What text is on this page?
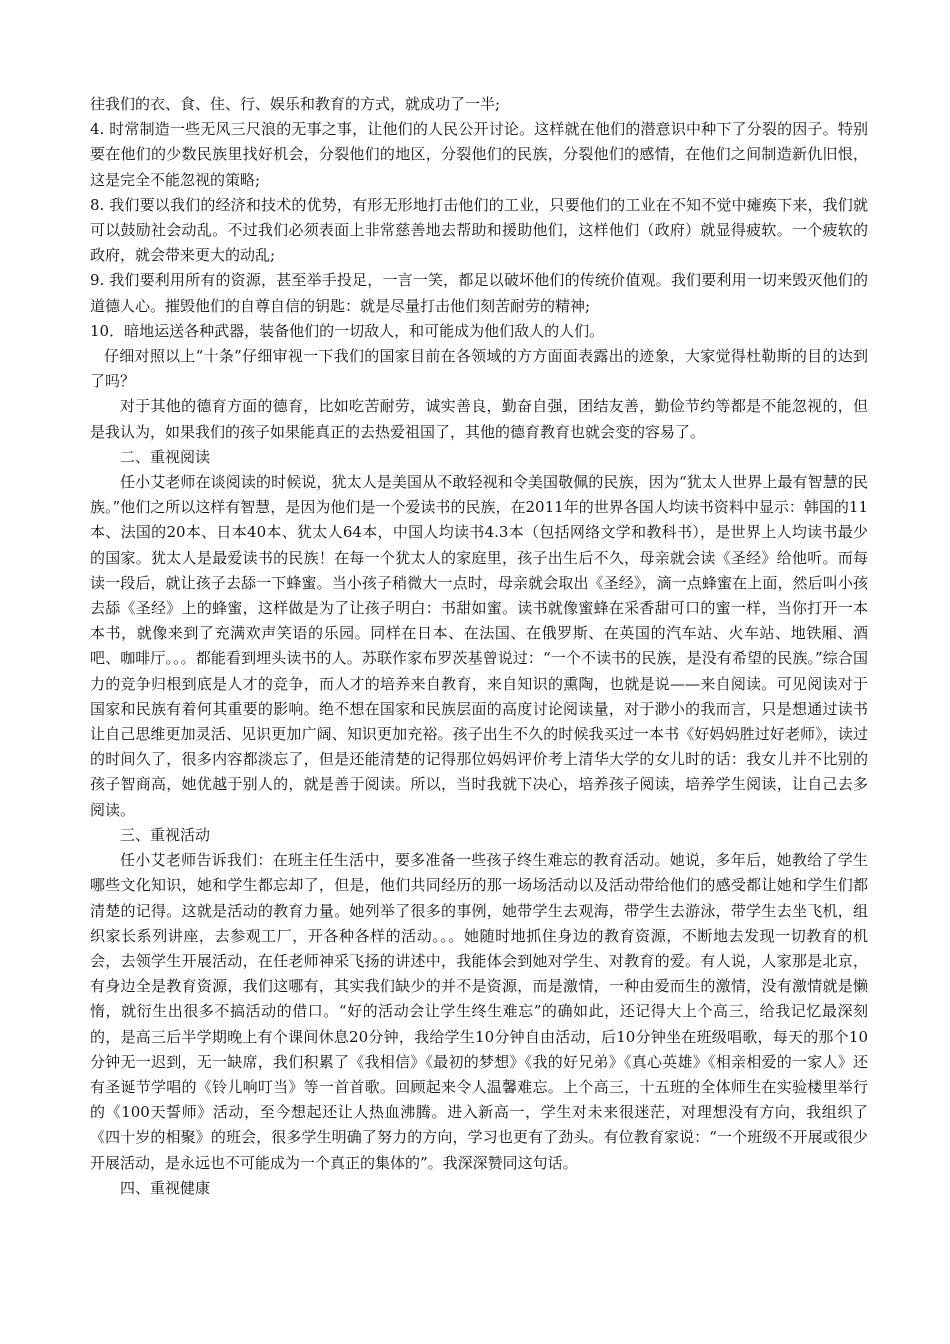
往我们的衣、食、住、行、娱乐和教育的方式，就成功了一半;

4. 时常制造一些无风三尺浪的无事之事，让他们的人民公开讨论。这样就在他们的潜意识中种下了分裂的因子。特别要在他们的少数民族里找好机会，分裂他们的地区，分裂他们的民族，分裂他们的感情，在他们之间制造新仇旧恨，这是完全不能忽视的策略;

8. 我们要以我们的经济和技术的优势，有形无形地打击他们的工业，只要他们的工业在不知不觉中瘫痪下来，我们就可以鼓励社会动乱。不过我们必须表面上非常慈善地去帮助和援助他们，这样他们（政府）就显得疲软。一个疲软的政府，就会带来更大的动乱;

9. 我们要利用所有的资源，甚至举手投足，一言一笑，都足以破坏他们的传统价值观。我们要利用一切来毁灭他们的道德人心。摧毁他们的自尊自信的钥匙：就是尽量打击他们刻苦耐劳的精神;

10．暗地运送各种武器，装备他们的一切敌人，和可能成为他们敌人的人们。

仔细对照以上“十条”仔细审视一下我们的国家目前在各领域的方方面面表露出的迹象，大家觉得杜勒斯的目的达到了吗？

对于其他的德育方面的德育，比如吃苦耐劳，诚实善良，勤奋自强，团结友善，勤俭节约等都是不能忽视的，但是我认为，如果我们的孩子如果能真正的去热爱祖国了，其他的德育教育也就会变的容易了。

二、重视阅读

任小艾老师在谈阅读的时候说，犹太人是美国从不敢轻视和令美国敬佩的民族，因为“犹太人世界上最有智慧的民族。”他们之所以这样有智慧，是因为他们是一个爱读书的民族，在2011年的世界各国人均读书资料中显示：韩国的11本、法国的20本、日本40本、犹太人64本，中国人均读书4.3本（包括网络文学和教科书），是世界上人均读书最少的国家。犹太人是最爱读书的民族！在每一个犹太人的家庭里，孩子出生后不久，母亲就会读《圣经》给他听。而每读一段后，就让孩子去舔一下蜂蜜。当小孩子稍微大一点时，母亲就会取出《圣经》，滴一点蜂蜜在上面，然后叫小孩去舔《圣经》上的蜂蜜，这样做是为了让孩子明白：书甜如蜜。读书就像蜜蜂在采香甜可口的蜜一样，当你打开一本本书，就像来到了充满欢声笑语的乐园。同样在日本、在法国、在俄罗斯、在英国的汽车站、火车站、地铁厢、酒吧、咖啡厅。。。都能看到埋头读书的人。苏联作家布罗茨基曾说过：“一个不读书的民族，是没有希望的民族。”综合国力的竞争归根到底是人才的竞争，而人才的培养来自教育，来自知识的熏陶，也就是说——来自阅读。可见阅读对于国家和民族有着何其重要的影响。绝不想在国家和民族层面的高度讨论阅读量，对于渺小的我而言，只是想通过读书让自己思维更加灵活、见识更加广阔、知识更加充裕。孩子出生不久的时候我买过一本书《好妈妈胜过好老师》，读过的时间久了，很多内容都淡忘了，但是还能清楚的记得那位妈妈评价考上清华大学的女儿时的话：我女儿并不比别的孩子智商高，她优越于别人的，就是善于阅读。所以，当时我就下决心，培养孩子阅读，培养学生阅读，让自己去多阅读。

三、重视活动

任小艾老师告诉我们：在班主任生活中，要多准备一些孩子终生难忘的教育活动。她说，多年后，她教给了学生哪些文化知识，她和学生都忘却了，但是，他们共同经历的那一场场活动以及活动带给他们的感受都让她和学生们都清楚的记得。这就是活动的教育力量。她列举了很多的事例，她带学生去观海，带学生去游泳，带学生去坐飞机，组织家长系列讲座，去参观工厂，开各种各样的活动。。。她随时地抓住身边的教育资源，不断地去发现一切教育的机会，去领学生开展活动，在任老师神采飞扬的讲述中，我能体会到她对学生、对教育的爱。有人说，人家那是北京，有身边全是教育资源，我们这哪有，其实我们缺少的并不是资源，而是激情，一种由爱而生的激情，没有激情就是懒惰，就衍生出很多不搞活动的借口。“好的活动会让学生终生难忘”的确如此，还记得大上个高三，给我记忆最深刻的，是高三后半学期晚上有个课间休息20分钟，我给学生10分钟自由活动，后10分钟坐在班级唱歌，每天的那个10分钟无一迟到，无一缺席，我们积累了《我相信》《最初的梦想》《我的好兄弟》《真心英雄》《相亲相爱的一家人》还有圣诞节学唱的《铃儿响叮当》等一首首歌。回顾起来令人温馨难忘。上个高三，十五班的全体师生在实验楼里举行的《100天誓师》活动，至今想起还让人热血沸腾。进入新高一，学生对未来很迷茫，对理想没有方向，我组织了《四十岁的相聚》的班会，很多学生明确了努力的方向，学习也更有了劲头。有位教育家说：“一个班级不开展或很少开展活动，是永远也不可能成为一个真正的集体的”。我深深赞同这句话。

四、重视健康
